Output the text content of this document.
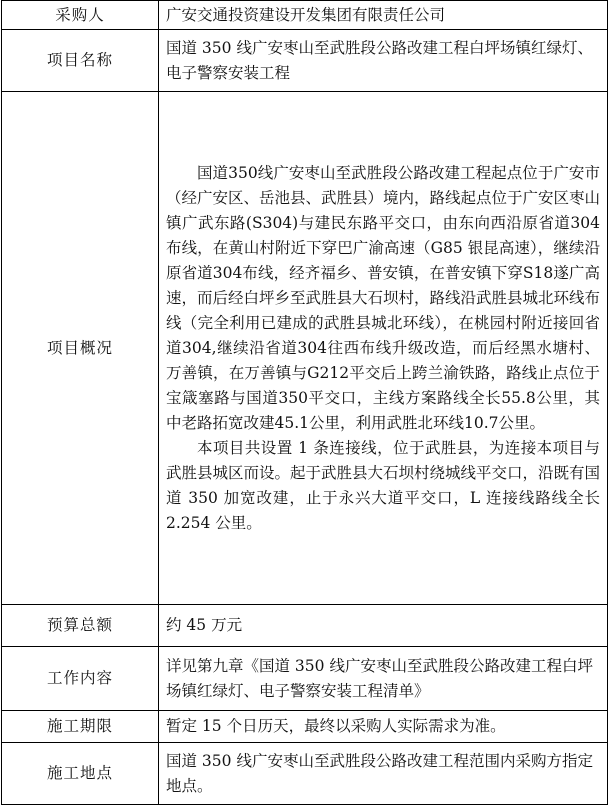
采购人	广安交通投资建设开发集团有限责任公司
项目名称	国道 350 线广安枣山至武胜段公路改建工程白坪场镇红绿灯、电子警察安装工程
项目概况	国道350线广安枣山至武胜段公路改建工程起点位于广安市（经广安区、岳池县、武胜县）境内，路线起点位于广安区枣山镇广武东路(S304)与建民东路平交口，由东向西沿原省道304布线，在黄山村附近下穿巴广渝高速（G85 银昆高速），继续沿原省道304布线，经齐福乡、普安镇，在普安镇下穿S18遂广高速，而后经白坪乡至武胜县大石坝村，路线沿武胜县城北环线布线（完全利用已建成的武胜县城北环线），在桃园村附近接回省道304,继续沿省道304往西布线升级改造，而后经黑水塘村、万善镇，在万善镇与G212平交后上跨兰渝铁路，路线止点位于宝箴塞路与国道350平交口，主线方案路线全长55.8公里，其中老路拓宽改建45.1公里，利用武胜北环线10.7公里。

本项目共设置 1 条连接线，位于武胜县，为连接本项目与武胜县城区而设。起于武胜县大石坝村绕城线平交口，沿既有国道 350 加宽改建，止于永兴大道平交口，L 连接线路线全长 2.254 公里。

预算总额	约 45 万元
工作内容	详见第九章《国道 350 线广安枣山至武胜段公路改建工程白坪场镇红绿灯、电子警察安装工程清单》
施工期限	暂定 15 个日历天，最终以采购人实际需求为准。
施工地点	国道 350 线广安枣山至武胜段公路改建工程范围内采购方指定地点。
